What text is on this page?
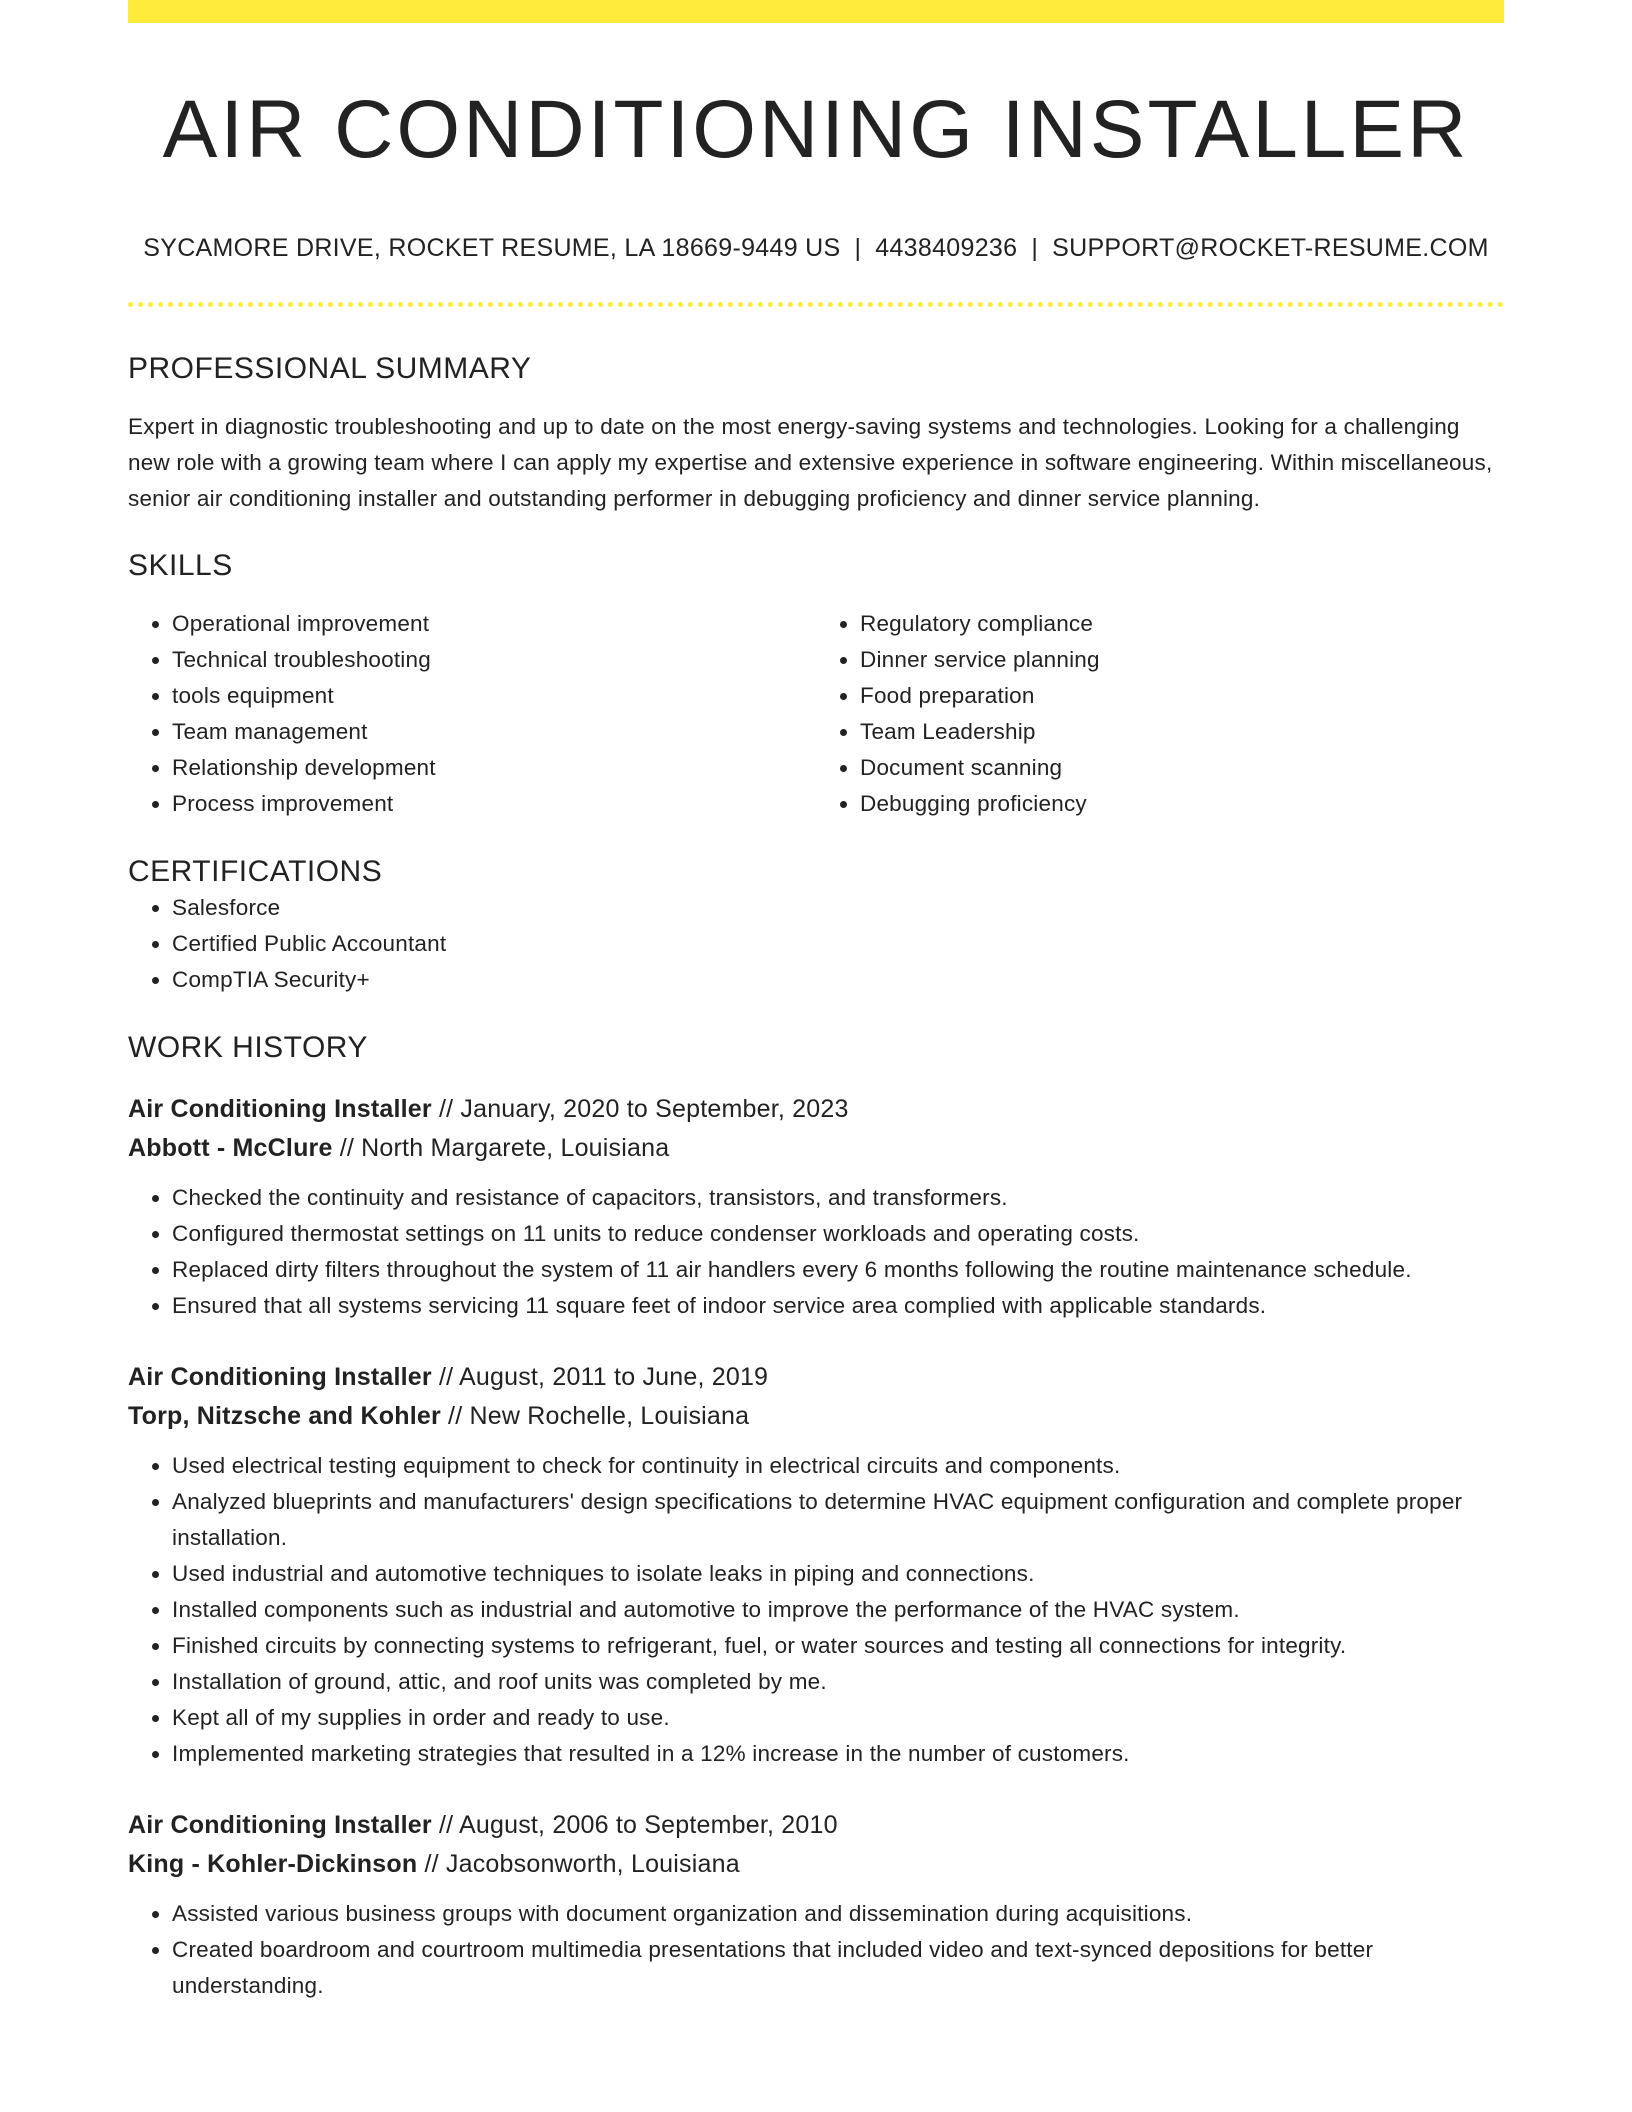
AIR CONDITIONING INSTALLER
SYCAMORE DRIVE, ROCKET RESUME, LA 18669-9449 US | 4438409236 | SUPPORT@ROCKET-RESUME.COM
PROFESSIONAL SUMMARY
Expert in diagnostic troubleshooting and up to date on the most energy-saving systems and technologies. Looking for a challenging new role with a growing team where I can apply my expertise and extensive experience in software engineering. Within miscellaneous, senior air conditioning installer and outstanding performer in debugging proficiency and dinner service planning.
SKILLS
• Operational improvement
• Technical troubleshooting
• tools equipment
• Team management
• Relationship development
• Process improvement
• Regulatory compliance
• Dinner service planning
• Food preparation
• Team Leadership
• Document scanning
• Debugging proficiency
CERTIFICATIONS
• Salesforce
• Certified Public Accountant
• CompTIA Security+
WORK HISTORY
Air Conditioning Installer // January, 2020 to September, 2023
Abbott - McClure // North Margarete, Louisiana
• Checked the continuity and resistance of capacitors, transistors, and transformers.
• Configured thermostat settings on 11 units to reduce condenser workloads and operating costs.
• Replaced dirty filters throughout the system of 11 air handlers every 6 months following the routine maintenance schedule.
• Ensured that all systems servicing 11 square feet of indoor service area complied with applicable standards.
Air Conditioning Installer // August, 2011 to June, 2019
Torp, Nitzsche and Kohler // New Rochelle, Louisiana
• Used electrical testing equipment to check for continuity in electrical circuits and components.
• Analyzed blueprints and manufacturers' design specifications to determine HVAC equipment configuration and complete proper installation.
• Used industrial and automotive techniques to isolate leaks in piping and connections.
• Installed components such as industrial and automotive to improve the performance of the HVAC system.
• Finished circuits by connecting systems to refrigerant, fuel, or water sources and testing all connections for integrity.
• Installation of ground, attic, and roof units was completed by me.
• Kept all of my supplies in order and ready to use.
• Implemented marketing strategies that resulted in a 12% increase in the number of customers.
Air Conditioning Installer // August, 2006 to September, 2010
King - Kohler-Dickinson // Jacobsonworth, Louisiana
• Assisted various business groups with document organization and dissemination during acquisitions.
• Created boardroom and courtroom multimedia presentations that included video and text-synced depositions for better understanding.
